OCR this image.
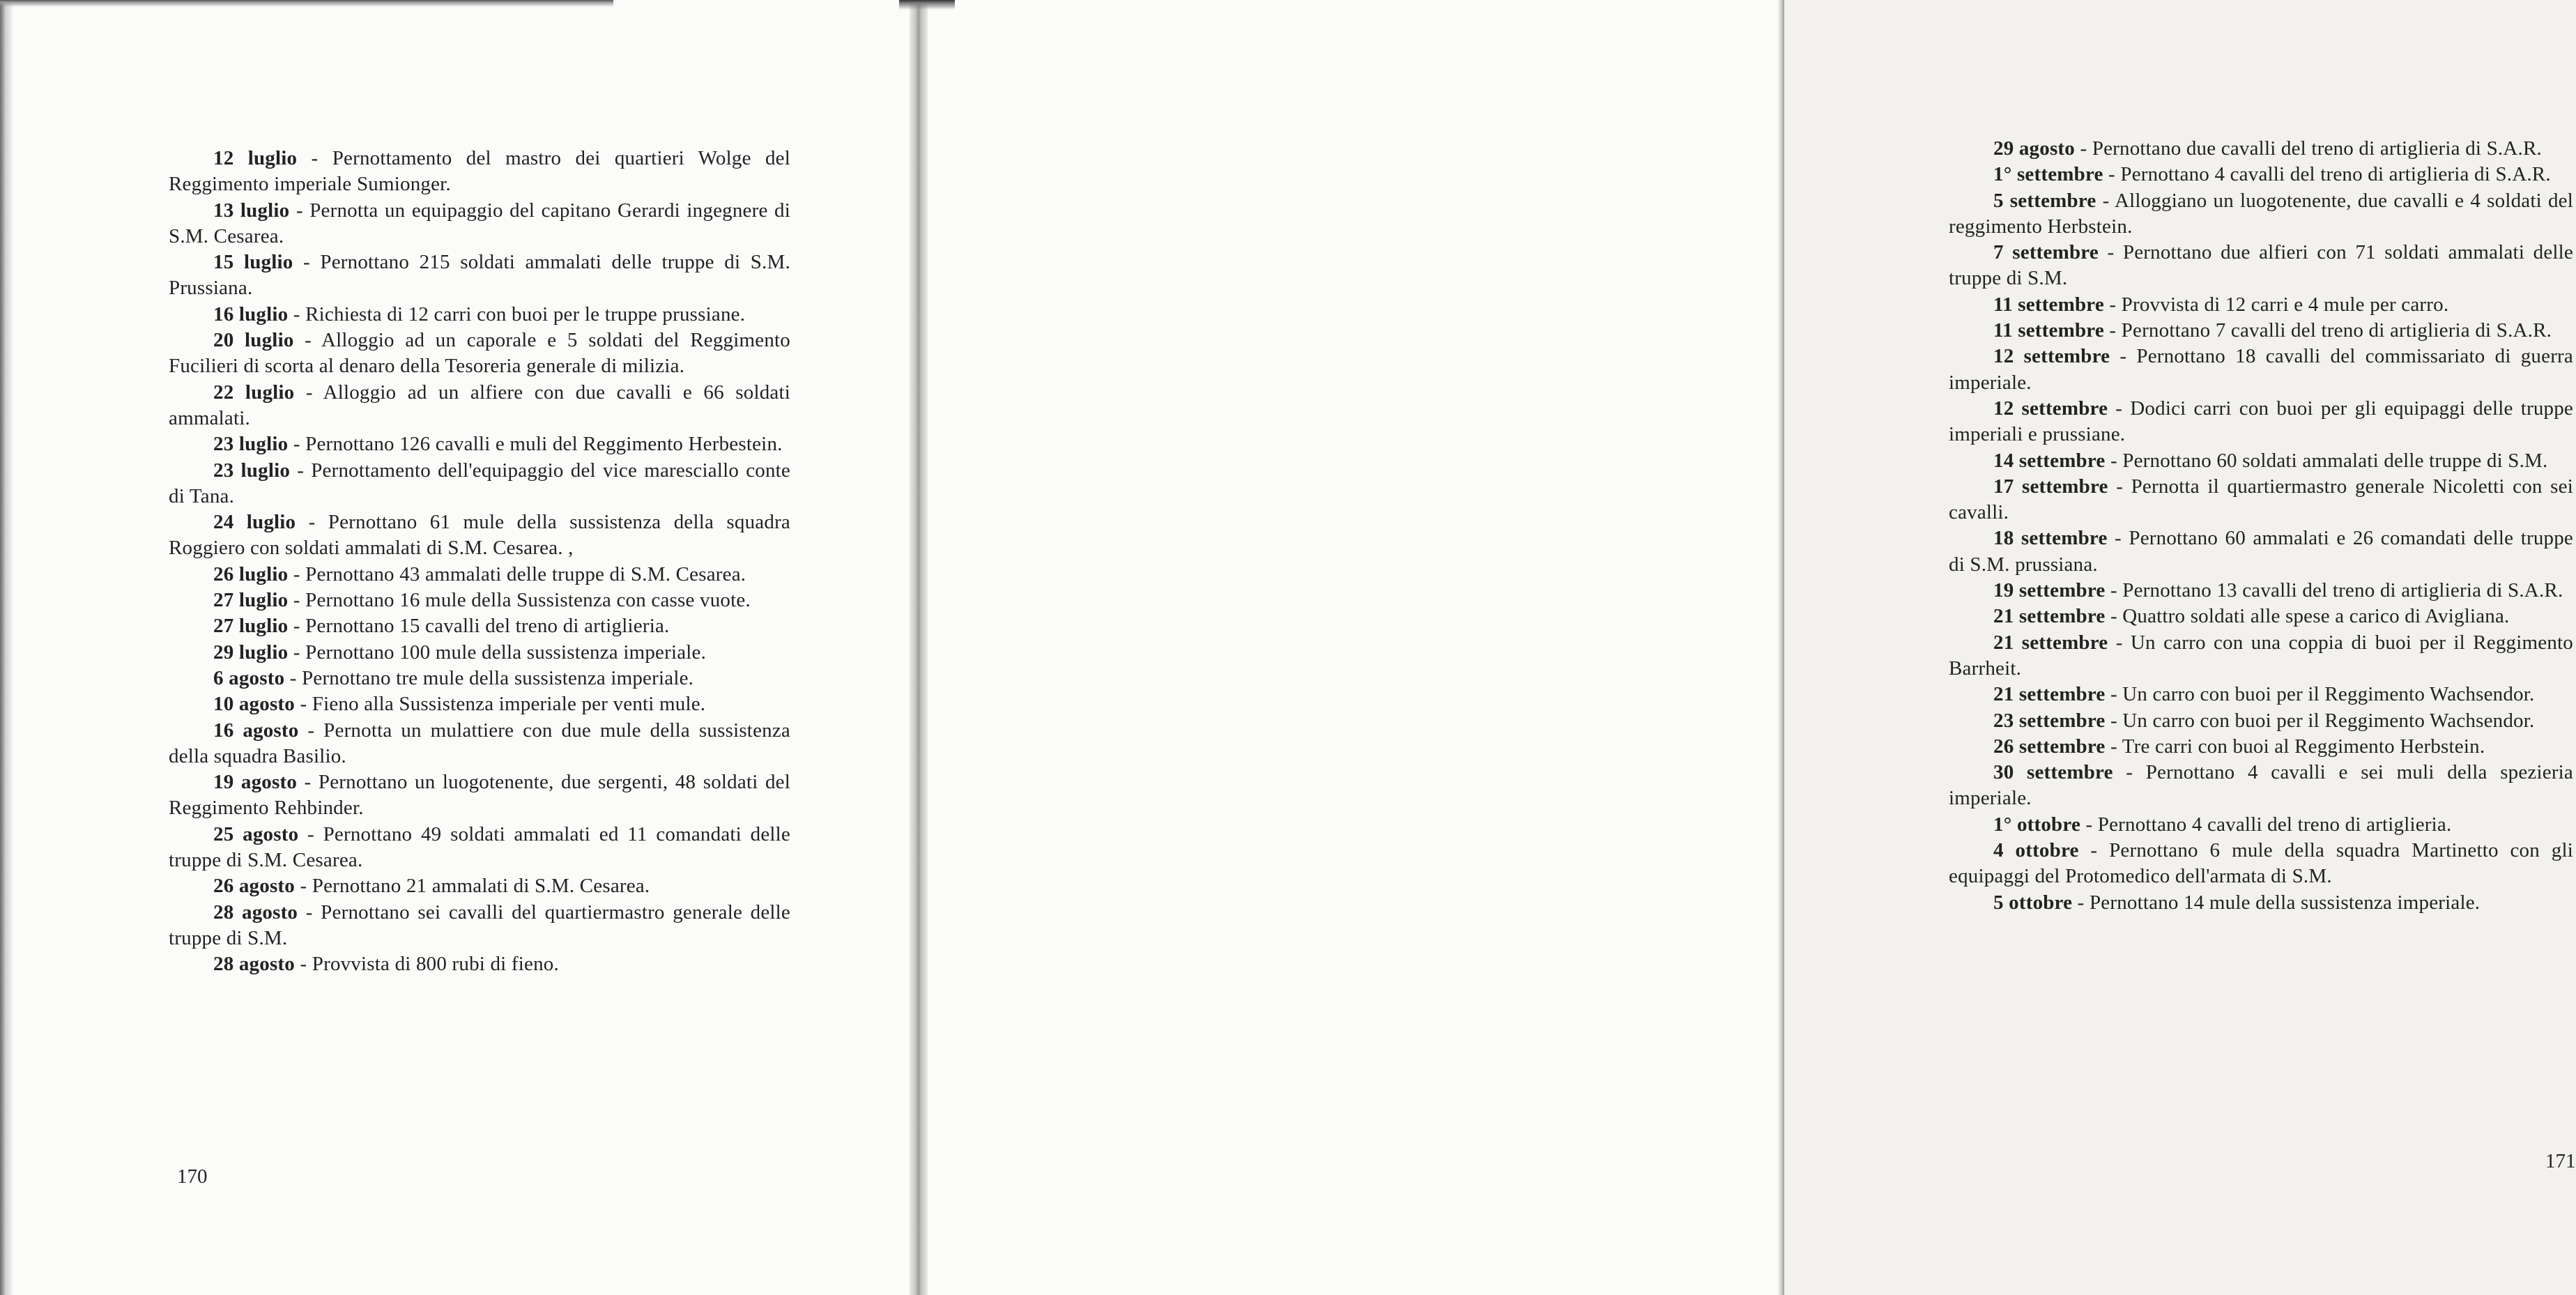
12 luglio - Pernottamento del mastro dei quartieri Wolge del Reggimento imperiale Sumionger.

13 luglio - Pernotta un equipaggio del capitano Gerardi ingegnere di S.M. Cesarea.

15 luglio - Pernottano 215 soldati ammalati delle truppe di S.M. Prussiana.

16 luglio - Richiesta di 12 carri con buoi per le truppe prussiane.

20 luglio - Alloggio ad un caporale e 5 soldati del Reggimento Fucilieri di scorta al denaro della Tesoreria generale di milizia.

22 luglio - Alloggio ad un alfiere con due cavalli e 66 soldati ammalati.

23 luglio - Pernottano 126 cavalli e muli del Reggimento Herbestein.

23 luglio - Pernottamento dell'equipaggio del vice maresciallo conte di Tana.

24 luglio - Pernottano 61 mule della sussistenza della squadra Roggiero con soldati ammalati di S.M. Cesarea. ,

26 luglio - Pernottano 43 ammalati delle truppe di S.M. Cesarea.

27 luglio - Pernottano 16 mule della Sussistenza con casse vuote.

27 luglio - Pernottano 15 cavalli del treno di artiglieria.

29 luglio - Pernottano 100 mule della sussistenza imperiale.

6 agosto - Pernottano tre mule della sussistenza imperiale.

10 agosto - Fieno alla Sussistenza imperiale per venti mule.

16 agosto - Pernotta un mulattiere con due mule della sussistenza della squadra Basilio.

19 agosto - Pernottano un luogotenente, due sergenti, 48 soldati del Reggimento Rehbinder.

25 agosto - Pernottano 49 soldati ammalati ed 11 comandati delle truppe di S.M. Cesarea.

26 agosto - Pernottano 21 ammalati di S.M. Cesarea.

28 agosto - Pernottano sei cavalli del quartiermastro generale delle truppe di S.M.

28 agosto - Provvista di 800 rubi di fieno.

170

29 agosto - Pernottano due cavalli del treno di artiglieria di S.A.R.

1° settembre - Pernottano 4 cavalli del treno di artiglieria di S.A.R.

5 settembre - Alloggiano un luogotenente, due cavalli e 4 soldati del reggimento Herbstein.

7 settembre - Pernottano due alfieri con 71 soldati ammalati delle truppe di S.M.

11 settembre - Provvista di 12 carri e 4 mule per carro.

11 settembre - Pernottano 7 cavalli del treno di artiglieria di S.A.R.

12 settembre - Pernottano 18 cavalli del commissariato di guerra imperiale.

12 settembre - Dodici carri con buoi per gli equipaggi delle truppe imperiali e prussiane.

14 settembre - Pernottano 60 soldati ammalati delle truppe di S.M.

17 settembre - Pernotta il quartiermastro generale Nicoletti con sei cavalli.

18 settembre - Pernottano 60 ammalati e 26 comandati delle truppe di S.M. prussiana.

19 settembre - Pernottano 13 cavalli del treno di artiglieria di S.A.R.

21 settembre - Quattro soldati alle spese a carico di Avigliana.

21 settembre - Un carro con una coppia di buoi per il Reggimento Barrheit.

21 settembre - Un carro con buoi per il Reggimento Wachsendor.

23 settembre - Un carro con buoi per il Reggimento Wachsendor.

26 settembre - Tre carri con buoi al Reggimento Herbstein.

30 settembre - Pernottano 4 cavalli e sei muli della spezieria imperiale.

1° ottobre - Pernottano 4 cavalli del treno di artiglieria.

4 ottobre - Pernottano 6 mule della squadra Martinetto con gli equipaggi del Protomedico dell'armata di S.M.

5 ottobre - Pernottano 14 mule della sussistenza imperiale.

171
